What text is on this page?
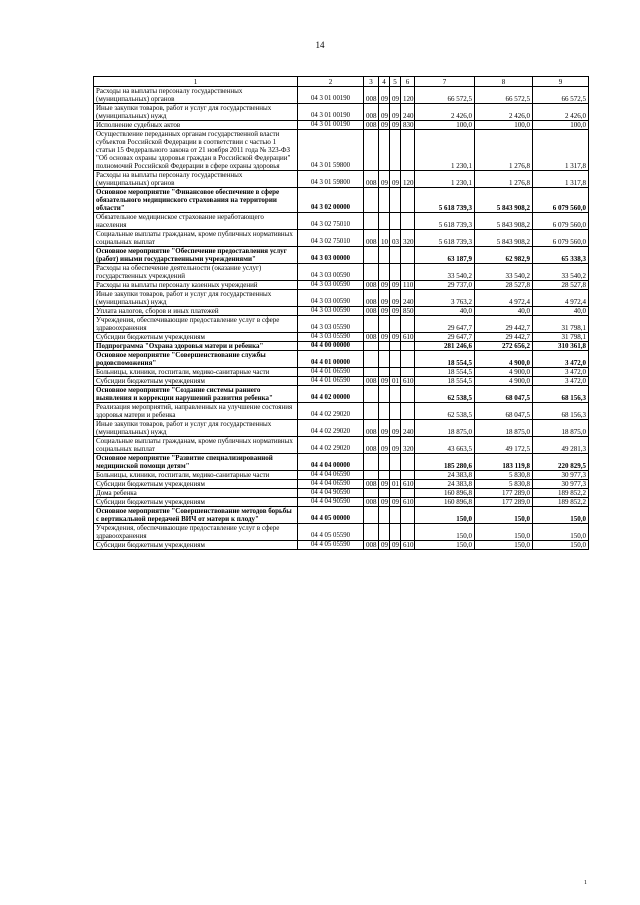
14
1	2	3	4	5	6	7	8	9
Расходы на выплаты персоналу государственных (муниципальных) органов	04 3 01 00190	008	09	09	120	66 572,5	66 572,5	66 572,5
Иные закупки товаров, работ и услуг для государственных (муниципальных) нужд	04 3 01 00190	008	09	09	240	2 426,0	2 426,0	2 426,0
Исполнение судебных актов	04 3 01 00190	008	09	09	830	100,0	100,0	100,0
Осуществление переданных органам государственной власти субъектов Российской Федерации в соответствии с частью 1 статьи 15 Федерального закона от 21 ноября 2011 года № 323-ФЗ "Об основах охраны здоровья граждан в Российской Федерации" полномочий Российской Федерации в сфере охраны здоровья	04 3 01 59800					1 230,1	1 276,8	1 317,8
Расходы на выплаты персоналу государственных (муниципальных) органов	04 3 01 59800	008	09	09	120	1 230,1	1 276,8	1 317,8
Основное мероприятие "Финансовое обеспечение в сфере обязательного медицинского страхования на территории области"	04 3 02 00000					5 618 739,3	5 843 908,2	6 079 560,0
Обязательное медицинское страхование неработающего населения	04 3 02 75010					5 618 739,3	5 843 908,2	6 079 560,0
Социальные выплаты гражданам, кроме публичных нормативных социальных выплат	04 3 02 75010	008	10	03	320	5 618 739,3	5 843 908,2	6 079 560,0
Основное мероприятие "Обеспечение предоставления услуг (работ) иными государственными учреждениями"	04 3 03 00000					63 187,9	62 982,9	65 338,3
Расходы на обеспечение деятельности (оказание услуг) государственных учреждений	04 3 03 00590					33 540,2	33 540,2	33 540,2
Расходы на выплаты персоналу казенных учреждений	04 3 03 00590	008	09	09	110	29 737,0	28 527,8	28 527,8
Иные закупки товаров, работ и услуг для государственных (муниципальных) нужд	04 3 03 00590	008	09	09	240	3 763,2	4 972,4	4 972,4
Уплата налогов, сборов и иных платежей	04 3 03 00590	008	09	09	850	40,0	40,0	40,0
Учреждения, обеспечивающие предоставление услуг в сфере здравоохранения	04 3 03 05590					29 647,7	29 442,7	31 798,1
Субсидии бюджетным учреждениям	04 3 03 05590	008	09	09	610	29 647,7	29 442,7	31 798,1
Подпрограмма "Охрана здоровья матери и ребенка"	04 4 00 00000					281 246,6	272 656,2	310 361,8
Основное мероприятие "Совершенствование службы родовспоможения"	04 4 01 00000					18 554,5	4 900,0	3 472,0
Больницы, клиники, госпитали, медико-санитарные части	04 4 01 06590					18 554,5	4 900,0	3 472,0
Субсидии бюджетным учреждениям	04 4 01 06590	008	09	01	610	18 554,5	4 900,0	3 472,0
Основное мероприятие "Создание системы раннего выявления и коррекции нарушений развития ребенка"	04 4 02 00000					62 538,5	68 047,5	68 156,3
Реализация мероприятий, направленных на улучшение состояния здоровья матери и ребенка	04 4 02 29020					62 538,5	68 047,5	68 156,3
Иные закупки товаров, работ и услуг для государственных (муниципальных) нужд	04 4 02 29020	008	09	09	240	18 875,0	18 875,0	18 875,0
Социальные выплаты гражданам, кроме публичных нормативных социальных выплат	04 4 02 29020	008	09	09	320	43 663,5	49 172,5	49 281,3
Основное мероприятие "Развитие специализированной медицинской помощи детям"	04 4 04 00000					185 280,6	183 119,8	220 829,5
Больницы, клиники, госпитали, медико-санитарные части	04 4 04 06590					24 383,8	5 830,8	30 977,3
Субсидии бюджетным учреждениям	04 4 04 06590	008	09	01	610	24 383,8	5 830,8	30 977,3
Дома ребенка	04 4 04 90590					160 896,8	177 289,0	189 852,2
Субсидии бюджетным учреждениям	04 4 04 90590	008	09	09	610	160 896,8	177 289,0	189 852,2
Основное мероприятие "Совершенствование методов борьбы с вертикальной передачей ВИЧ от матери к плоду"	04 4 05 00000					150,0	150,0	150,0
Учреждения, обеспечивающие предоставление услуг в сфере здравоохранения	04 4 05 05590					150,0	150,0	150,0
Субсидии бюджетным учреждениям	04 4 05 05590	008	09	09	610	150,0	150,0	150,0
1
